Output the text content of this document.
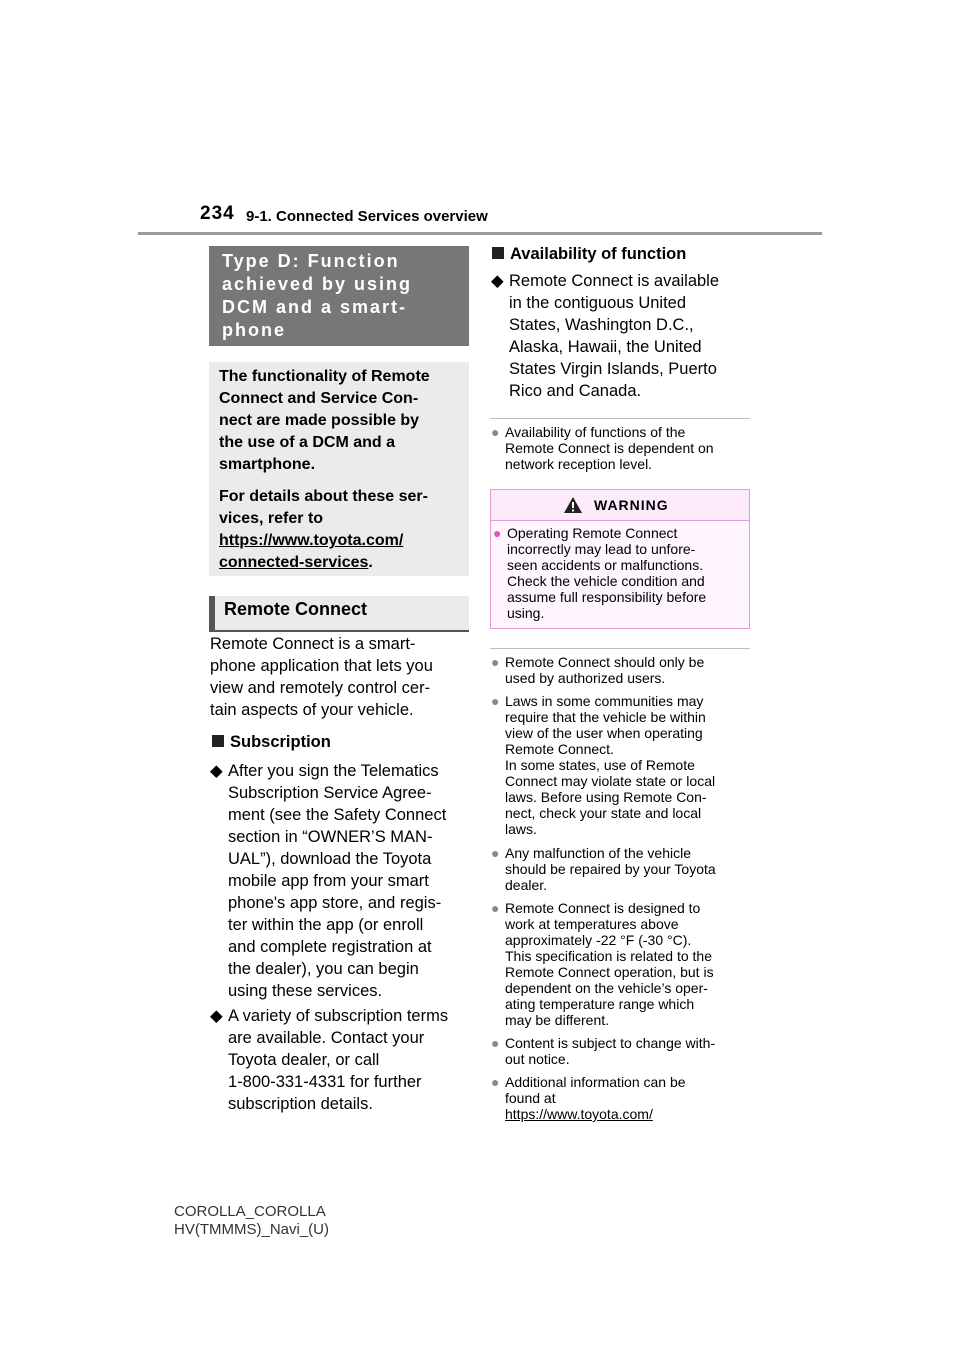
234 9-1. Connected Services overview
Type D: Function
achieved by using
DCM and a smart-
phone

The functionality of Remote
Connect and Service Con-
nect are made possible by
the use of a DCM and a
smartphone.

For details about these ser-
vices, refer to
https://www.toyota.com/
connected-services.

Remote Connect
Remote Connect is a smart-
phone application that lets you
view and remotely control cer-
tain aspects of your vehicle.
Subscription
◆ After you sign the Telematics
Subscription Service Agree-
ment (see the Safety Connect
section in “OWNER’S MAN-
UAL”), download the Toyota
mobile app from your smart
phone's app store, and regis-
ter within the app (or enroll
and complete registration at
the dealer), you can begin
using these services.
◆ A variety of subscription terms
are available. Contact your
Toyota dealer, or call
1-800-331-4331 for further
subscription details.
Availability of function
◆ Remote Connect is available
in the contiguous United
States, Washington D.C.,
Alaska, Hawaii, the United
States Virgin Islands, Puerto
Rico and Canada.
● Availability of functions of the
Remote Connect is dependent on
network reception level.
WARNING
● Operating Remote Connect
incorrectly may lead to unfore-
seen accidents or malfunctions.
Check the vehicle condition and
assume full responsibility before
using.
● Remote Connect should only be
used by authorized users.
● Laws in some communities may
require that the vehicle be within
view of the user when operating
Remote Connect.
In some states, use of Remote
Connect may violate state or local
laws. Before using Remote Con-
nect, check your state and local
laws.
● Any malfunction of the vehicle
should be repaired by your Toyota
dealer.
● Remote Connect is designed to
work at temperatures above
approximately -22 °F (-30 °C).
This specification is related to the
Remote Connect operation, but is
dependent on the vehicle’s oper-
ating temperature range which
may be different.
● Content is subject to change with-
out notice.
● Additional information can be
found at
https://www.toyota.com/
COROLLA_COROLLA
HV(TMMMS)_Navi_(U)
